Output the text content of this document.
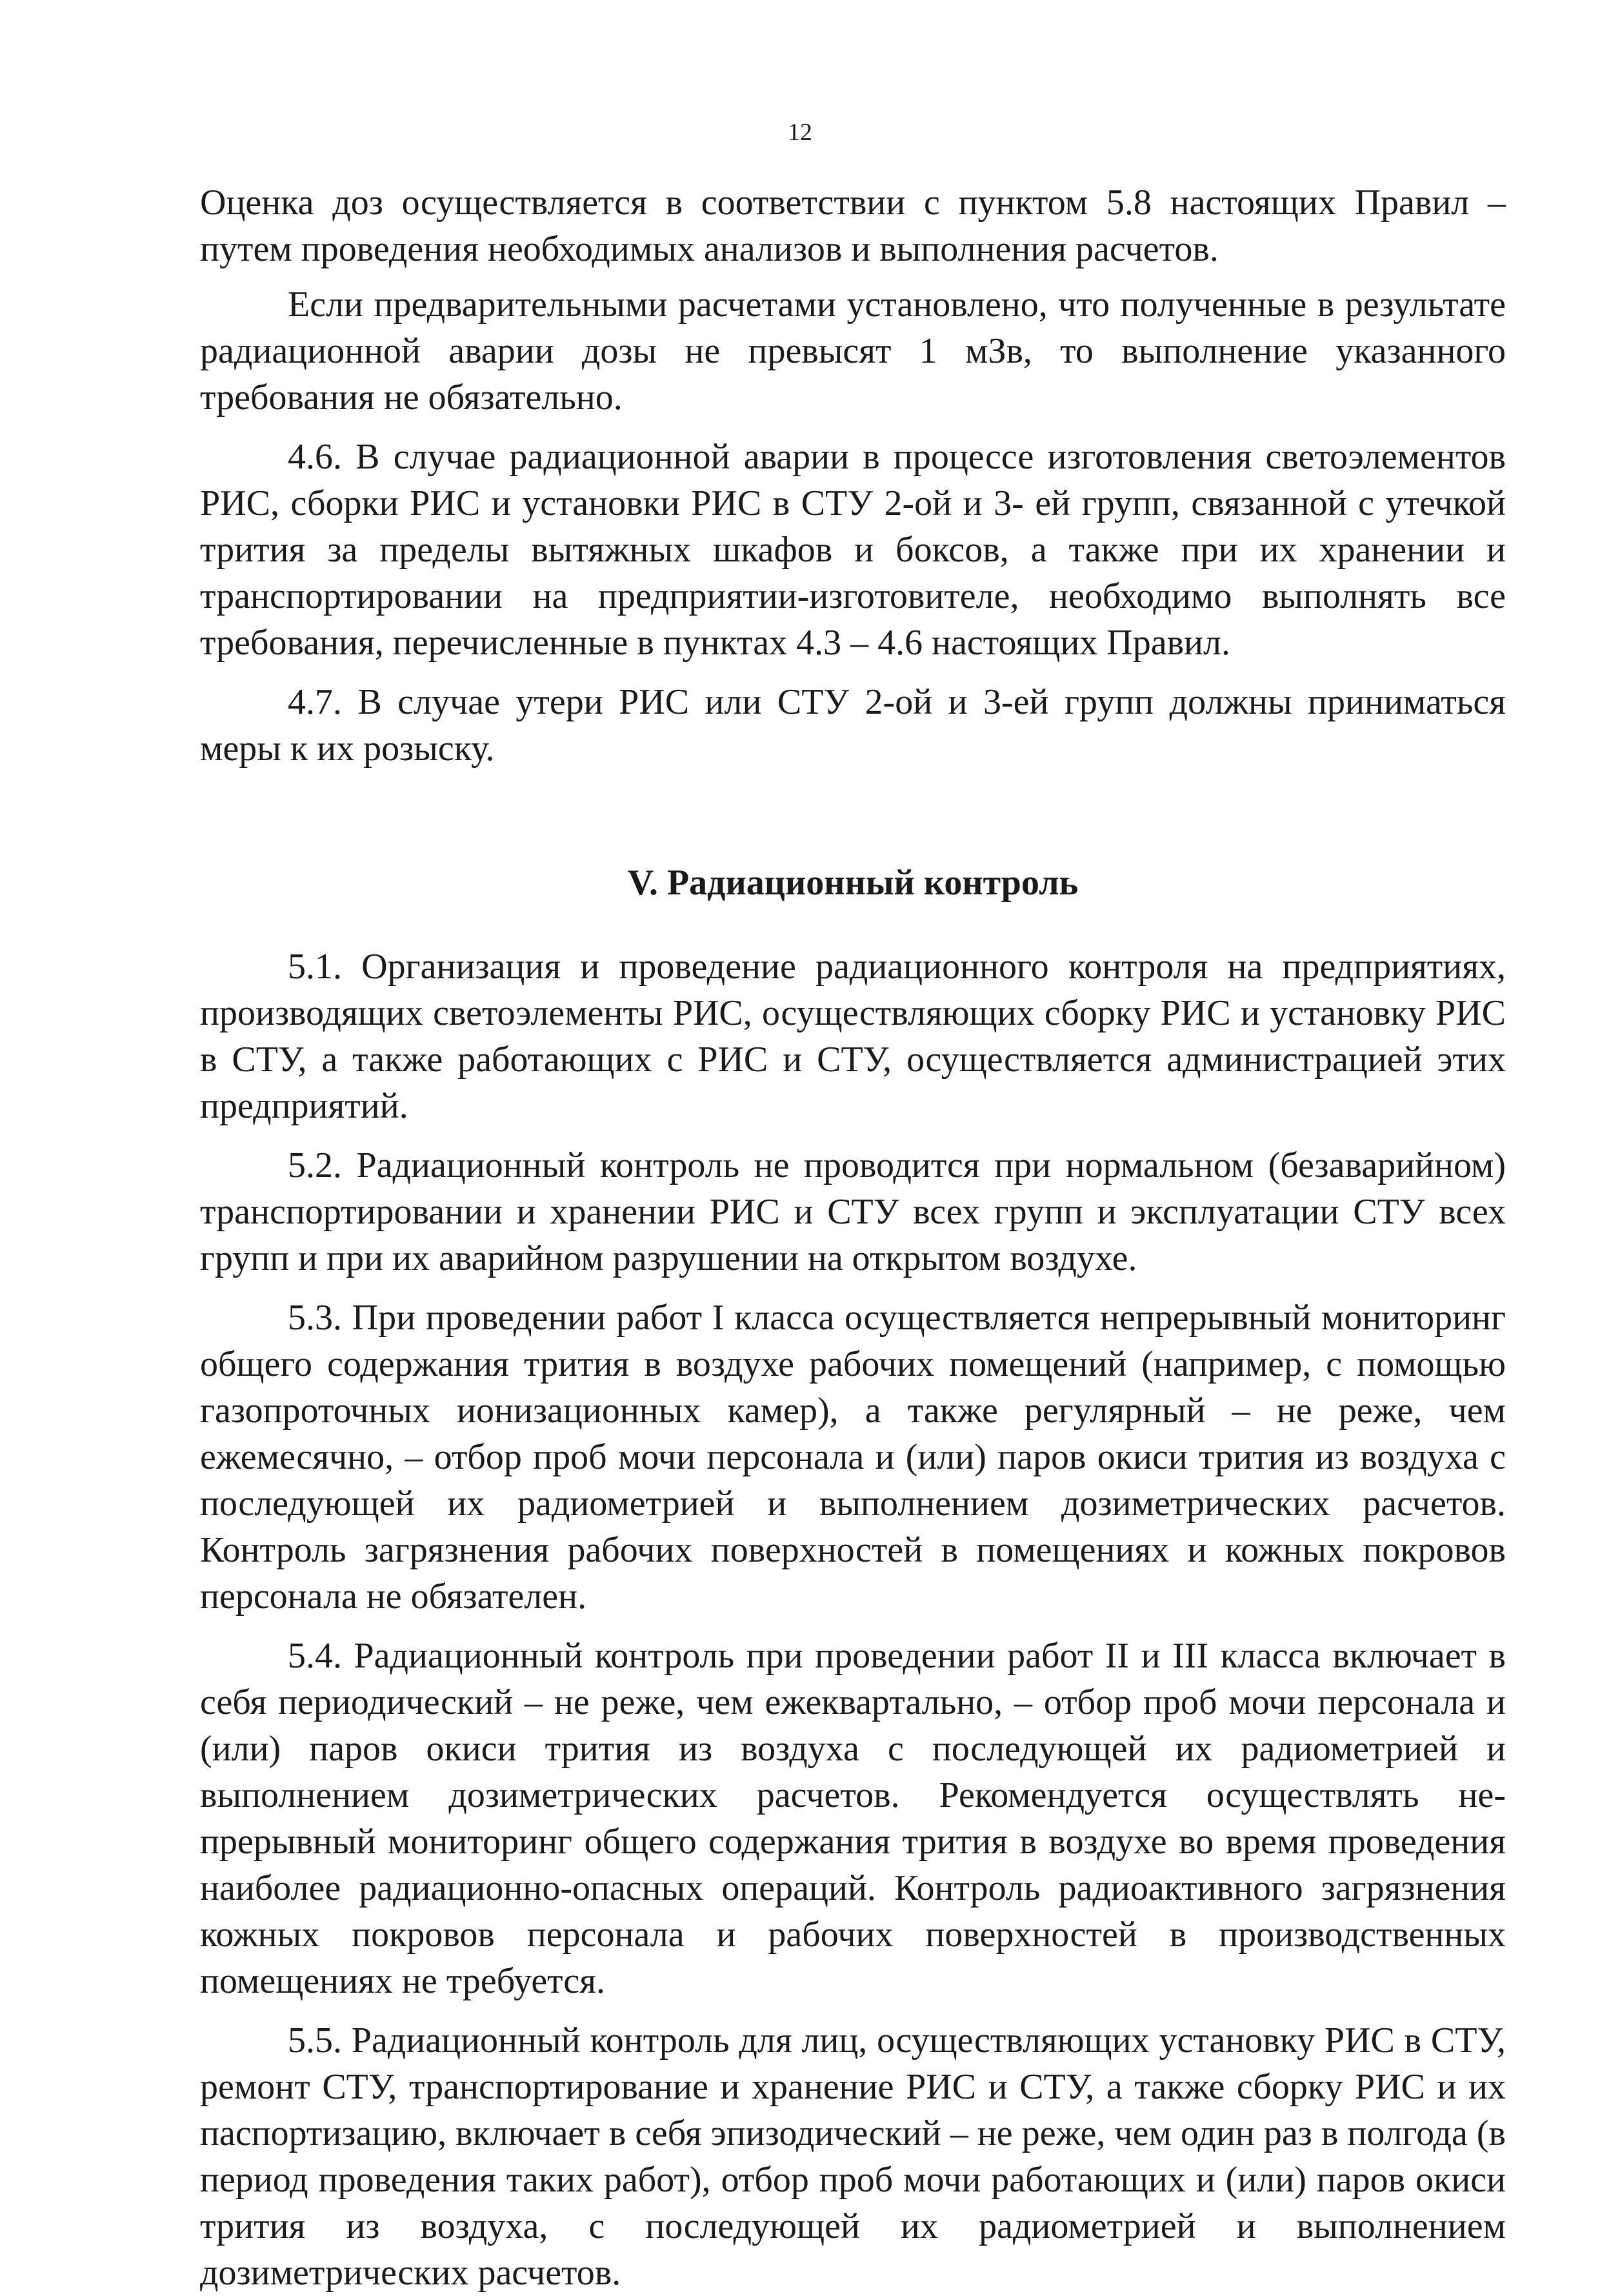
12

Оценка доз осуществляется в соответствии с пунктом 5.8 настоящих Правил – путем проведения необходимых анализов и выполнения расчетов.

Если предварительными расчетами установлено, что полученные в результате радиационной аварии дозы не превысят 1 мЗв, то выполнение указанного требования не обязательно.

4.6. В случае радиационной аварии в процессе изготовления светоэлементов РИС, сборки РИС и установки РИС в СТУ 2-ой и 3- ей групп, связанной с утечкой трития за пределы вытяжных шкафов и боксов, а также при их хранении и транспортировании на предприятии-изготовителе, необходимо выполнять все требования, перечисленные в пунктах 4.3 – 4.6 настоящих Правил.

4.7. В случае утери РИС или СТУ 2-ой и 3-ей групп должны приниматься меры к их розыску.

V. Радиационный контроль

5.1. Организация и проведение радиационного контроля на предприятиях, производящих светоэлементы РИС, осуществляющих сборку РИС и установку РИС в СТУ, а также работающих с РИС и СТУ, осуществляется администрацией этих предприятий.

5.2. Радиационный контроль не проводится при нормальном (безаварийном) транспортировании и хранении РИС и СТУ всех групп и эксплуатации СТУ всех групп и при их аварийном разрушении на открытом воздухе.

5.3. При проведении работ I класса осуществляется непрерывный мониторинг общего содержания трития в воздухе рабочих помещений (например, с помощью газопроточных ионизационных камер), а также регулярный – не реже, чем ежемесячно, – отбор проб мочи персонала и (или) паров окиси трития из воздуха с последующей их радиометрией и выполнением дозиметрических расчетов. Контроль загрязнения рабочих поверхностей в помещениях и кожных покровов персонала не обязателен.

5.4. Радиационный контроль при проведении работ II и III класса включает в себя периодический – не реже, чем ежеквартально, – отбор проб мочи персонала и (или) паров окиси трития из воздуха с последующей их радиометрией и выполнением дозиметрических расчетов. Рекомендуется осуществлять непрерывный мониторинг общего содержания трития в воздухе во время проведения наиболее радиационно-опасных операций. Контроль радиоактивного загрязнения кожных покровов персонала и рабочих поверхностей в производственных помещениях не требуется.

5.5. Радиационный контроль для лиц, осуществляющих установку РИС в СТУ, ремонт СТУ, транспортирование и хранение РИС и СТУ, а также сборку РИС и их паспортизацию, включает в себя эпизодический – не реже, чем один раз в полгода (в период проведения таких работ), отбор проб мочи работающих и (или) паров окиси трития из воздуха, с последующей их радиометрией и выполнением дозиметрических расчетов.
